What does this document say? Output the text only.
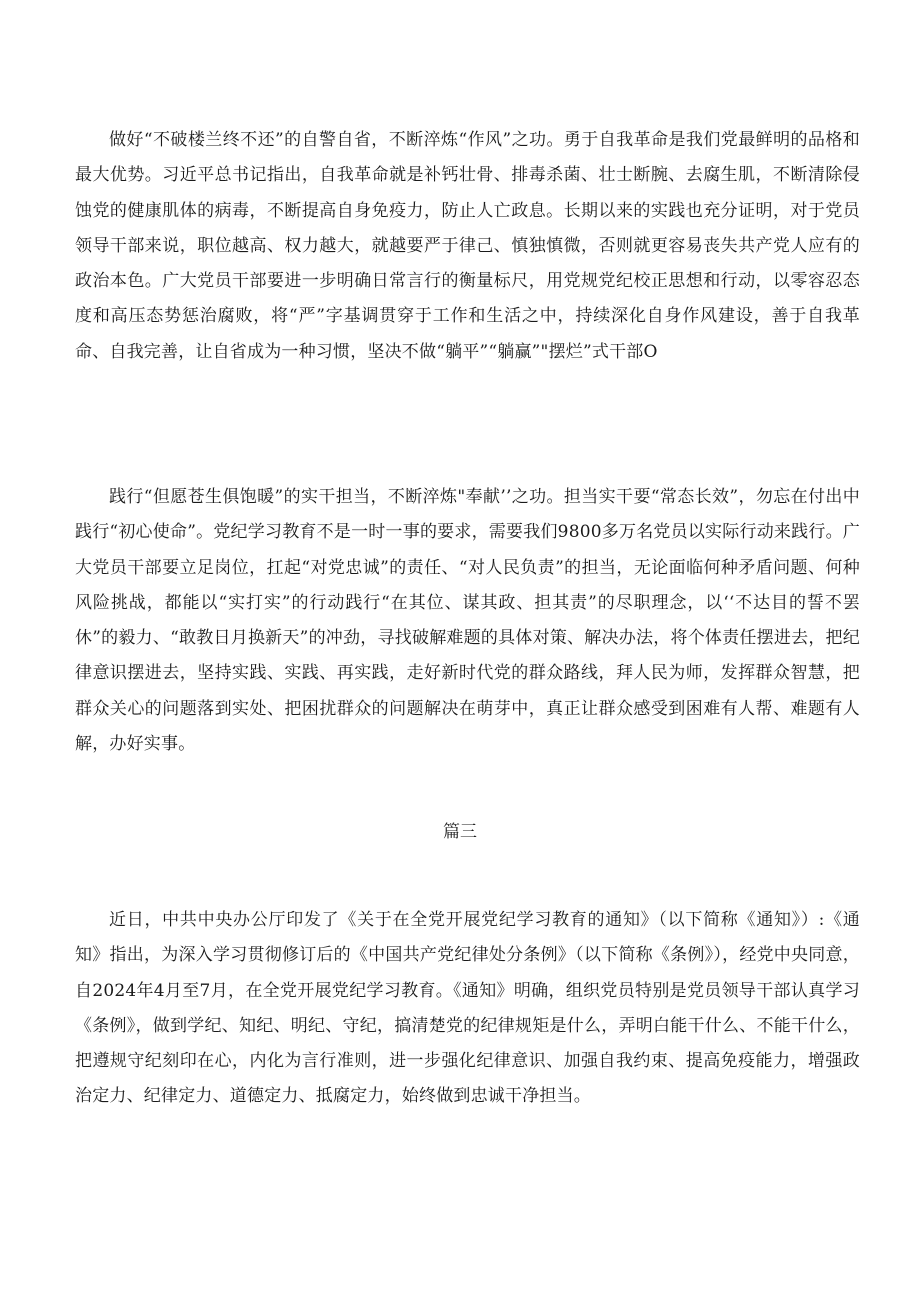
做好“不破楼兰终不还”的自警自省，不断淬炼“作风”之功。勇于自我革命是我们党最鲜明的品格和最大优势。习近平总书记指出，自我革命就是补钙壮骨、排毒杀菌、壮士断腕、去腐生肌，不断清除侵蚀党的健康肌体的病毒，不断提高自身免疫力，防止人亡政息。长期以来的实践也充分证明，对于党员领导干部来说，职位越高、权力越大，就越要严于律己、慎独慎微，否则就更容易丧失共产党人应有的政治本色。广大党员干部要进一步明确日常言行的衡量标尺，用党规党纪校正思想和行动，以零容忍态度和高压态势惩治腐败，将“严”字基调贯穿于工作和生活之中，持续深化自身作风建设，善于自我革命、自我完善，让自省成为一种习惯，坚决不做“躺平”“躺赢”"摆烂”式干部O

践行“但愿苍生俱饱暖”的实干担当，不断淬炼"奉献’’之功。担当实干要“常态长效”，勿忘在付出中践行“初心使命”。党纪学习教育不是一时一事的要求，需要我们9800多万名党员以实际行动来践行。广大党员干部要立足岗位，扛起“对党忠诚”的责任、“对人民负责”的担当，无论面临何种矛盾问题、何种风险挑战，都能以“实打实”的行动践行“在其位、谋其政、担其责”的尽职理念，以‘‘不达目的誓不罢休”的毅力、“敢教日月换新天”的冲劲，寻找破解难题的具体对策、解决办法，将个体责任摆进去，把纪律意识摆进去，坚持实践、实践、再实践，走好新时代党的群众路线，拜人民为师，发挥群众智慧，把群众关心的问题落到实处、把困扰群众的问题解决在萌芽中，真正让群众感受到困难有人帮、难题有人解，办好实事。

篇三

近日，中共中央办公厅印发了《关于在全党开展党纪学习教育的通知》（以下简称《通知》）:《通知》指出，为深入学习贯彻修订后的《中国共产党纪律处分条例》（以下简称《条例》），经党中央同意，自2024年4月至7月，在全党开展党纪学习教育。《通知》明确，组织党员特别是党员领导干部认真学习《条例》，做到学纪、知纪、明纪、守纪，搞清楚党的纪律规矩是什么，弄明白能干什么、不能干什么，把遵规守纪刻印在心，内化为言行准则，进一步强化纪律意识、加强自我约束、提高免疫能力，增强政治定力、纪律定力、道德定力、抵腐定力，始终做到忠诚干净担当。
